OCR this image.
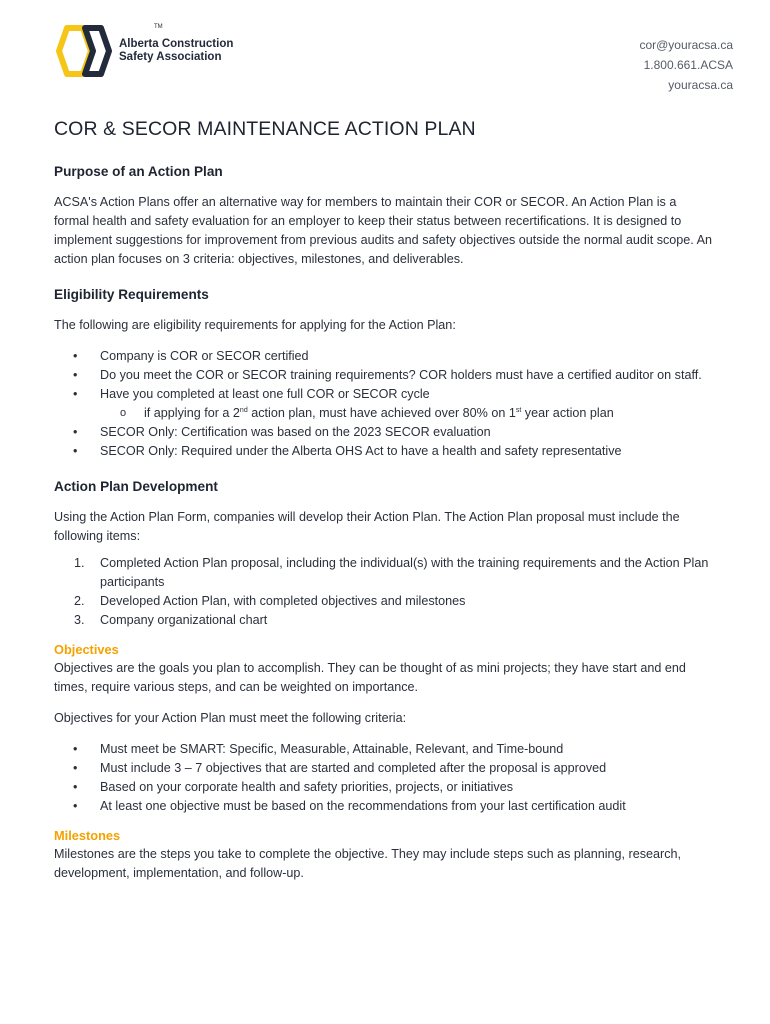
Alberta Construction
Safety Association
TM
cor@youracsa.ca
1.800.661.ACSA
youracsa.ca
COR & SECOR MAINTENANCE ACTION PLAN
Purpose of an Action Plan

ACSA's Action Plans offer an alternative way for members to maintain their COR or SECOR. An Action Plan is a formal health and safety evaluation for an employer to keep their status between recertifications. It is designed to implement suggestions for improvement from previous audits and safety objectives outside the normal audit scope. An action plan focuses on 3 criteria: objectives, milestones, and deliverables.

Eligibility Requirements

The following are eligibility requirements for applying for the Action Plan:

•	Company is COR or SECOR certified
•	Do you meet the COR or SECOR training requirements? COR holders must have a certified auditor on staff.
•	Have you completed at least one full COR or SECOR cycle
o	if applying for a 2nd action plan, must have achieved over 80% on 1st year action plan
•	SECOR Only: Certification was based on the 2023 SECOR evaluation
•	SECOR Only: Required under the Alberta OHS Act to have a health and safety representative
Action Plan Development

Using the Action Plan Form, companies will develop their Action Plan. The Action Plan proposal must include the following items:

1. Completed Action Plan proposal, including the individual(s) with the training requirements and the Action Plan participants
2. Developed Action Plan, with completed objectives and milestones
3. Company organizational chart
Objectives

Objectives are the goals you plan to accomplish. They can be thought of as mini projects; they have start and end times, require various steps, and can be weighted on importance.

Objectives for your Action Plan must meet the following criteria:

•	Must meet be SMART: Specific, Measurable, Attainable, Relevant, and Time-bound
•	Must include 3 – 7 objectives that are started and completed after the proposal is approved
•	Based on your corporate health and safety priorities, projects, or initiatives
•	At least one objective must be based on the recommendations from your last certification audit
Milestones

Milestones are the steps you take to complete the objective. They may include steps such as planning, research, development, implementation, and follow-up.
